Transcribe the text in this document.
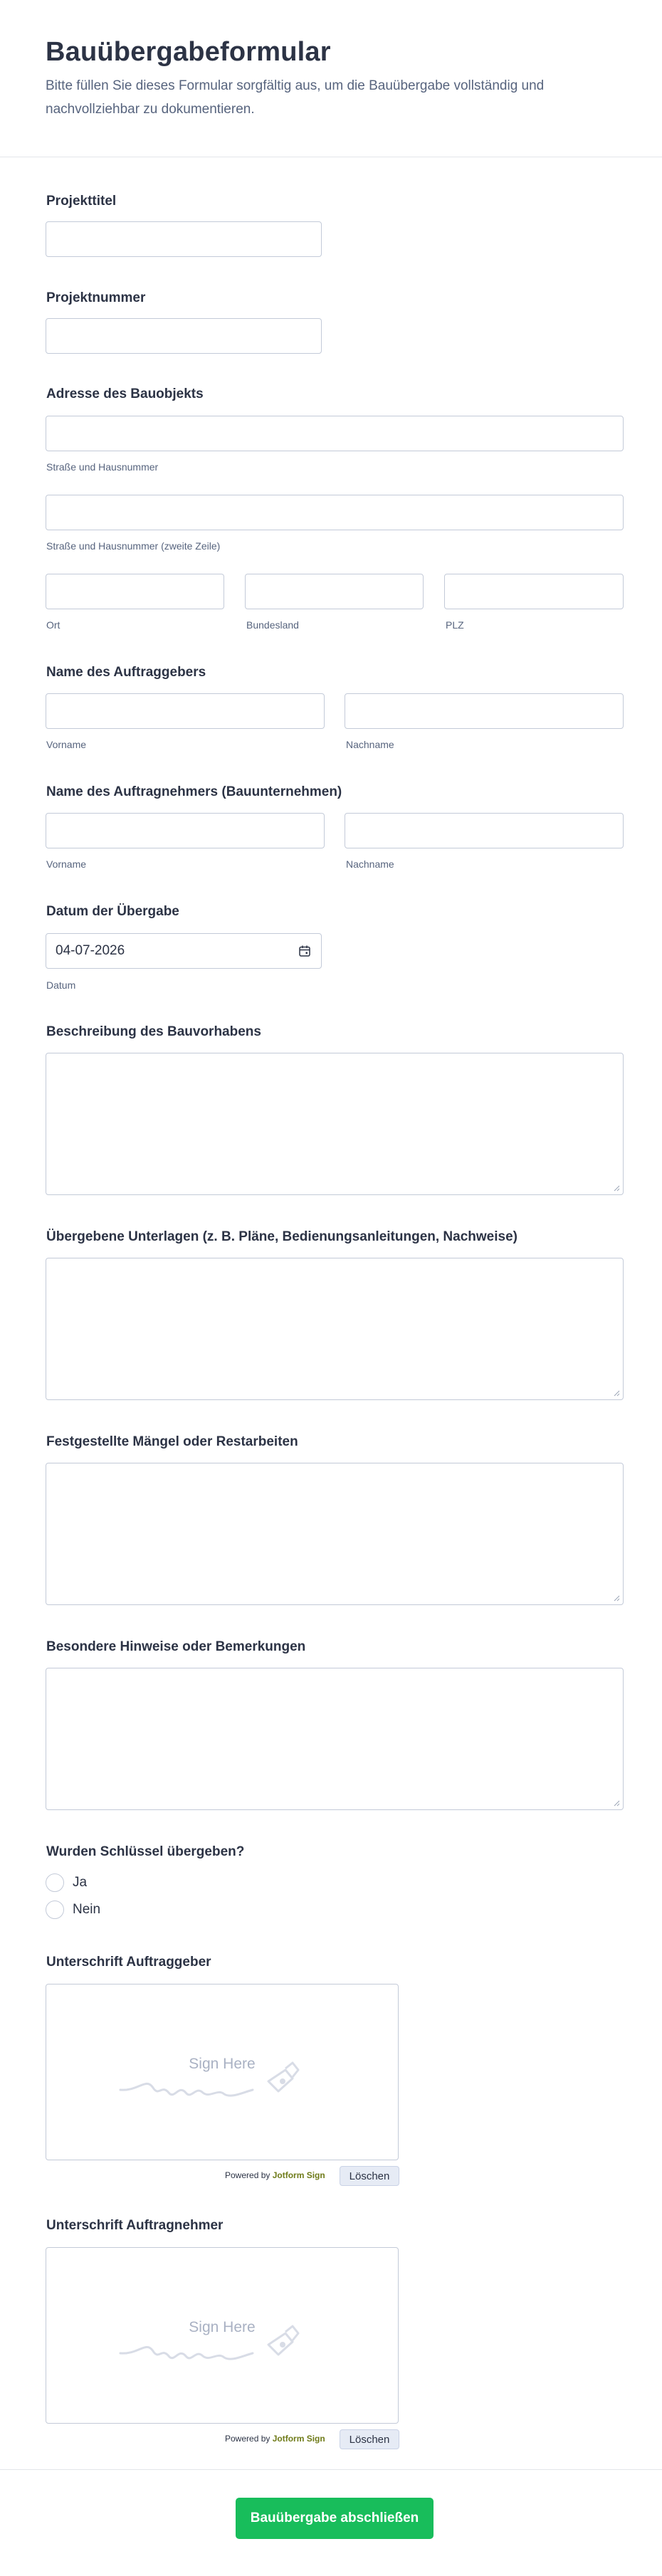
Bauübergabeformular
Bitte füllen Sie dieses Formular sorgfältig aus, um die Bauübergabe vollständig und nachvollziehbar zu dokumentieren.
Projekttitel
Projektnummer
Adresse des Bauobjekts
Straße und Hausnummer
Straße und Hausnummer (zweite Zeile)
Ort	Bundesland	PLZ
Name des Auftraggebers
Vorname	Nachname
Name des Auftragnehmers (Bauunternehmen)
Vorname	Nachname
Datum der Übergabe
04-07-2026
Datum
Beschreibung des Bauvorhabens
Übergebene Unterlagen (z. B. Pläne, Bedienungsanleitungen, Nachweise)
Festgestellte Mängel oder Restarbeiten
Besondere Hinweise oder Bemerkungen
Wurden Schlüssel übergeben?
Ja
Nein
Unterschrift Auftraggeber
Sign Here
Powered by Jotform Sign	Löschen
Unterschrift Auftragnehmer
Sign Here
Powered by Jotform Sign	Löschen
Bauübergabe abschließen
